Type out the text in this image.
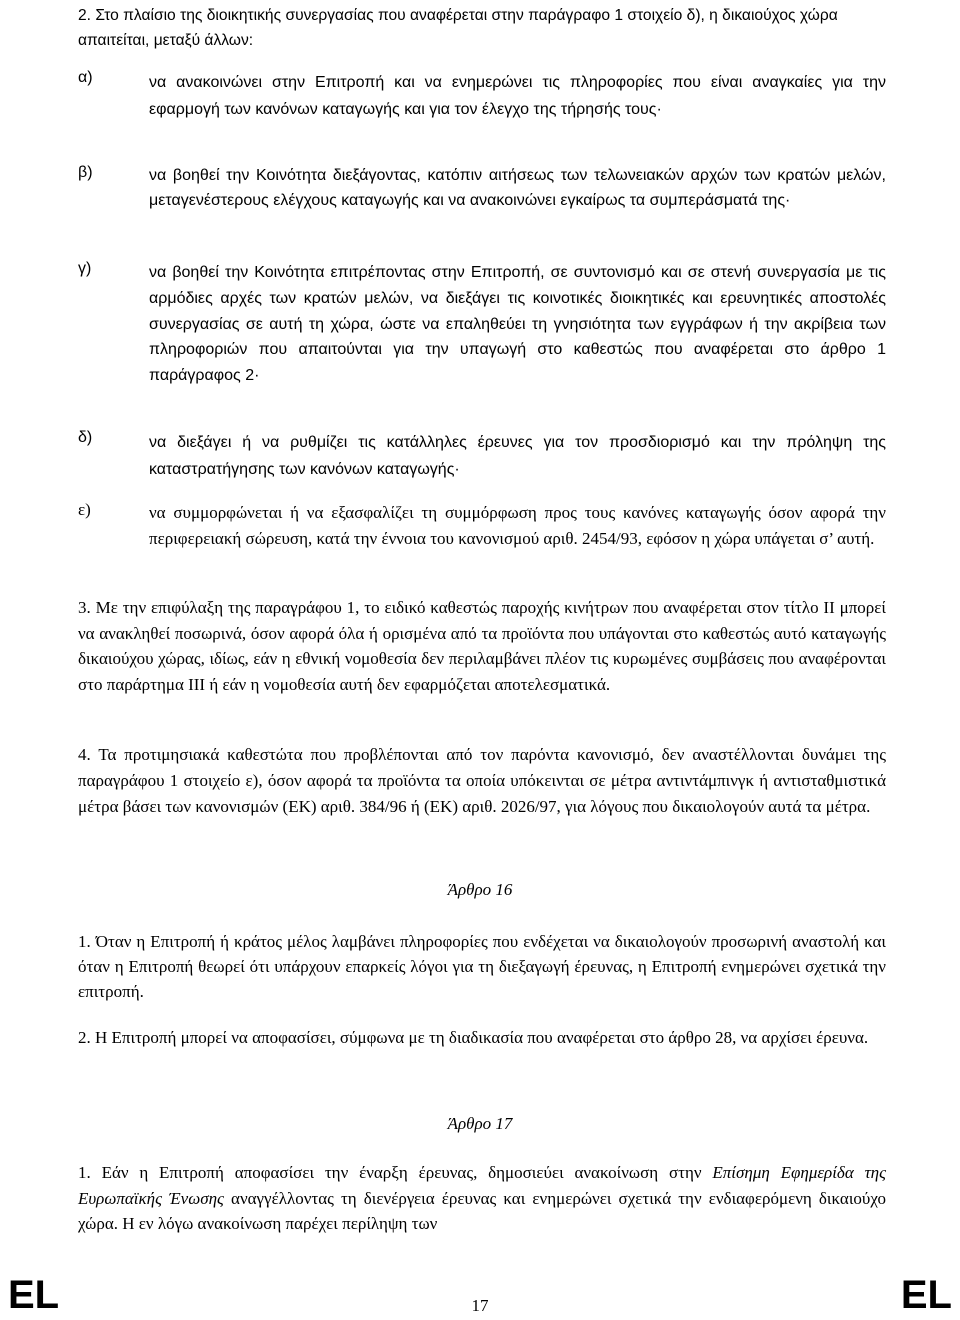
2. Στο πλαίσιο της διοικητικής συνεργασίας που αναφέρεται στην παράγραφο 1 στοιχείο δ), η δικαιούχος χώρα απαιτείται, μεταξύ άλλων:
α)	να ανακοινώνει στην Επιτροπή και να ενημερώνει τις πληροφορίες που είναι αναγκαίες για την εφαρμογή των κανόνων καταγωγής και για τον έλεγχο της τήρησής τους·
β)	να βοηθεί την Κοινότητα διεξάγοντας, κατόπιν αιτήσεως των τελωνειακών αρχών των κρατών μελών, μεταγενέστερους ελέγχους καταγωγής και να ανακοινώνει εγκαίρως τα συμπεράσματά της·
γ)	να βοηθεί την Κοινότητα επιτρέποντας στην Επιτροπή, σε συντονισμό και σε στενή συνεργασία με τις αρμόδιες αρχές των κρατών μελών, να διεξάγει τις κοινοτικές διοικητικές και ερευνητικές αποστολές συνεργασίας σε αυτή τη χώρα, ώστε να επαληθεύει τη γνησιότητα των εγγράφων ή την ακρίβεια των πληροφοριών που απαιτούνται για την υπαγωγή στο καθεστώς που αναφέρεται στο άρθρο 1 παράγραφος 2·
δ)	να διεξάγει ή να ρυθμίζει τις κατάλληλες έρευνες για τον προσδιορισμό και την πρόληψη της καταστρατήγησης των κανόνων καταγωγής·
ε)	να συμμορφώνεται ή να εξασφαλίζει τη συμμόρφωση προς τους κανόνες καταγωγής όσον αφορά την περιφερειακή σώρευση, κατά την έννοια του κανονισμού αριθ. 2454/93, εφόσον η χώρα υπάγεται σ’ αυτή.
3. Με την επιφύλαξη της παραγράφου 1, το ειδικό καθεστώς παροχής κινήτρων που αναφέρεται στον τίτλο ΙΙ μπορεί να ανακληθεί ποσωρινά, όσον αφορά όλα ή ορισμένα από τα προϊόντα που υπάγονται στο καθεστώς αυτό καταγωγής δικαιούχου χώρας, ιδίως, εάν η εθνική νομοθεσία δεν περιλαμβάνει πλέον τις κυρωμένες συμβάσεις που αναφέρονται στο παράρτημα ΙΙΙ ή εάν η νομοθεσία αυτή δεν εφαρμόζεται αποτελεσματικά.
4. Τα προτιμησιακά καθεστώτα που προβλέπονται από τον παρόντα κανονισμό, δεν αναστέλλονται δυνάμει της παραγράφου 1 στοιχείο ε), όσον αφορά τα προϊόντα τα οποία υπόκεινται σε μέτρα αντιντάμπινγκ ή αντισταθμιστικά μέτρα βάσει των κανονισμών (ΕΚ) αριθ. 384/96 ή (ΕΚ) αριθ. 2026/97, για λόγους που δικαιολογούν αυτά τα μέτρα.
Άρθρο 16
1. Όταν η Επιτροπή ή κράτος μέλος λαμβάνει πληροφορίες που ενδέχεται να δικαιολογούν προσωρινή αναστολή και όταν η Επιτροπή θεωρεί ότι υπάρχουν επαρκείς λόγοι για τη διεξαγωγή έρευνας, η Επιτροπή ενημερώνει σχετικά την επιτροπή.
2. Η Επιτροπή μπορεί να αποφασίσει, σύμφωνα με τη διαδικασία που αναφέρεται στο άρθρο 28, να αρχίσει έρευνα.
Άρθρο 17
1. Εάν η Επιτροπή αποφασίσει την έναρξη έρευνας, δημοσιεύει ανακοίνωση στην Επίσημη Εφημερίδα της Ευρωπαϊκής Ένωσης αναγγέλλοντας τη διενέργεια έρευνας και ενημερώνει σχετικά την ενδιαφερόμενη δικαιούχο χώρα. Η εν λόγω ανακοίνωση παρέχει περίληψη των
EL	17	EL
